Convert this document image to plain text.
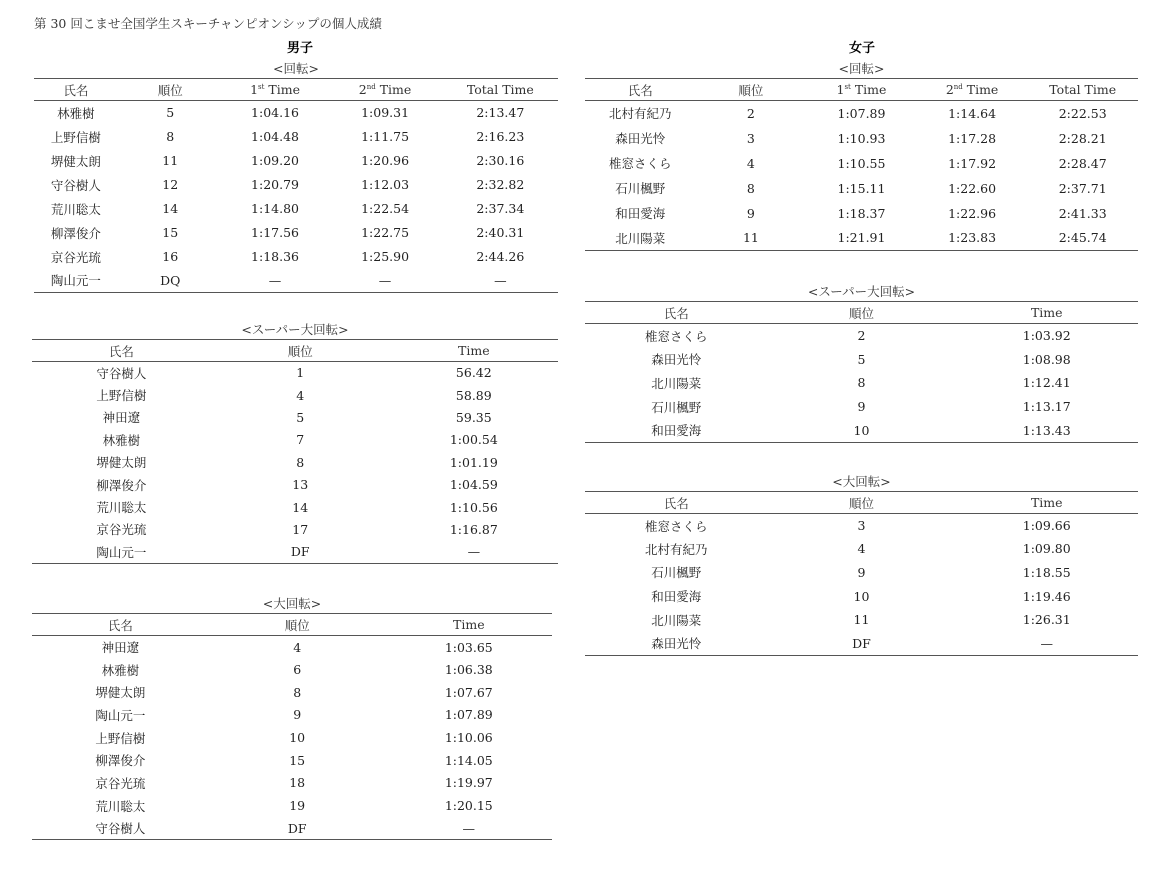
第 30 回こませ全国学生スキーチャンピオンシップの個人成績
男子	女子
<回転>
氏名	順位	1st Time	2nd Time	Total Time
林雅樹	5	1:04.16	1:09.31	2:13.47
上野信樹	8	1:04.48	1:11.75	2:16.23
堺健太朗	11	1:09.20	1:20.96	2:30.16
守谷樹人	12	1:20.79	1:12.03	2:32.82
荒川聡太	14	1:14.80	1:22.54	2:37.34
柳澤俊介	15	1:17.56	1:22.75	2:40.31
京谷光琉	16	1:18.36	1:25.90	2:44.26
陶山元一	DQ	—	—	—
<スーパー大回転>
氏名	順位	Time
守谷樹人	1	56.42
上野信樹	4	58.89
神田遼	5	59.35
林雅樹	7	1:00.54
堺健太朗	8	1:01.19
柳澤俊介	13	1:04.59
荒川聡太	14	1:10.56
京谷光琉	17	1:16.87
陶山元一	DF	—
<大回転>
氏名	順位	Time
神田遼	4	1:03.65
林雅樹	6	1:06.38
堺健太朗	8	1:07.67
陶山元一	9	1:07.89
上野信樹	10	1:10.06
柳澤俊介	15	1:14.05
京谷光琉	18	1:19.97
荒川聡太	19	1:20.15
守谷樹人	DF	—
<回転>
氏名	順位	1st Time	2nd Time	Total Time
北村有紀乃	2	1:07.89	1:14.64	2:22.53
森田光怜	3	1:10.93	1:17.28	2:28.21
椎窓さくら	4	1:10.55	1:17.92	2:28.47
石川楓野	8	1:15.11	1:22.60	2:37.71
和田愛海	9	1:18.37	1:22.96	2:41.33
北川陽菜	11	1:21.91	1:23.83	2:45.74
<スーパー大回転>
氏名	順位	Time
椎窓さくら	2	1:03.92
森田光怜	5	1:08.98
北川陽菜	8	1:12.41
石川楓野	9	1:13.17
和田愛海	10	1:13.43
<大回転>
氏名	順位	Time
椎窓さくら	3	1:09.66
北村有紀乃	4	1:09.80
石川楓野	9	1:18.55
和田愛海	10	1:19.46
北川陽菜	11	1:26.31
森田光怜	DF	—
